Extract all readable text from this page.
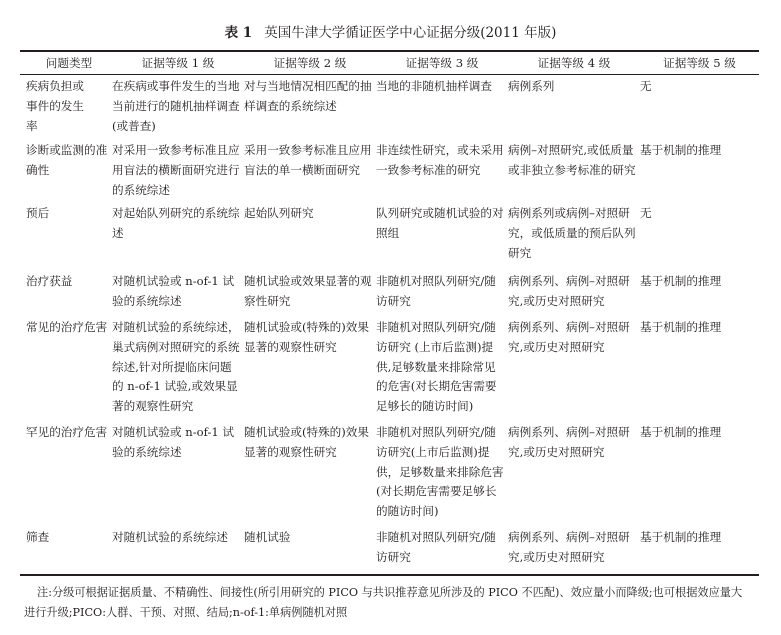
表 1 英国牛津大学循证医学中心证据分级(2011 年版)
问题类型	证据等级 1 级	证据等级 2 级	证据等级 3 级	证据等级 4 级	证据等级 5 级

疾病负担或事件的发生率	在疾病或事件发生的当地当前进行的随机抽样调查(或普查)	对与当地情况相匹配的抽样调查的系统综述	当地的非随机抽样调查	病例系列	无
诊断或监测的准确性	对采用一致参考标准且应用盲法的横断面研究进行的系统综述	采用一致参考标准且应用盲法的单一横断面研究	非连续性研究，或未采用一致参考标准的研究	病例–对照研究,或低质量或非独立参考标准的研究	基于机制的推理
预后	对起始队列研究的系统综述	起始队列研究	队列研究或随机试验的对照组	病例系列或病例–对照研究，或低质量的预后队列研究	无
治疗获益	对随机试验或 n-of-1 试验的系统综述	随机试验或效果显著的观察性研究	非随机对照队列研究/随访研究	病例系列、病例–对照研究,或历史对照研究	基于机制的推理
常见的治疗危害	对随机试验的系统综述，巢式病例对照研究的系统综述,针对所提临床问题的 n-of-1 试验,或效果显著的观察性研究	随机试验或(特殊的)效果显著的观察性研究	非随机对照队列研究/随访研究 (上市后监测)提供,足够数量来排除常见的危害(对长期危害需要足够长的随访时间)	病例系列、病例–对照研究,或历史对照研究	基于机制的推理
罕见的治疗危害	对随机试验或 n-of-1 试验的系统综述	随机试验或(特殊的)效果显著的观察性研究	非随机对照队列研究/随访研究(上市后监测)提供，足够数量来排除危害 (对长期危害需要足够长的随访时间)	病例系列、病例–对照研究,或历史对照研究	基于机制的推理
筛查	对随机试验的系统综述	随机试验	非随机对照队列研究/随访研究	病例系列、病例–对照研究,或历史对照研究	基于机制的推理
注:分级可根据证据质量、不精确性、间接性(所引用研究的 PICO 与共识推荐意见所涉及的 PICO 不匹配)、效应量小而降级;也可根据效应量大进行升级;PICO:人群、干预、对照、结局;n-of-1:单病例随机对照
